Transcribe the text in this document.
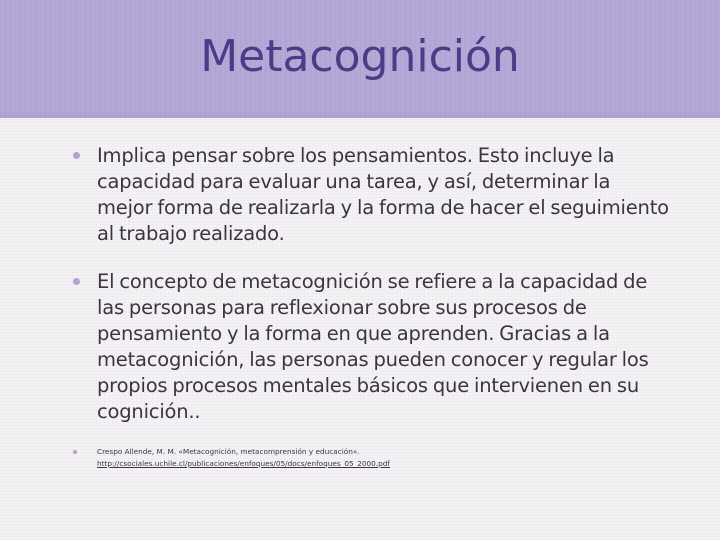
Metacognición
Implica pensar sobre los pensamientos. Esto incluye la capacidad para evaluar una tarea, y así, determinar la mejor forma de realizarla y la forma de hacer el seguimiento al trabajo realizado.
El concepto de metacognición se refiere a la capacidad de las personas para reflexionar sobre sus procesos de pensamiento y la forma en que aprenden. Gracias a la metacognición, las personas pueden conocer y regular los propios procesos mentales básicos que intervienen en su cognición..
Crespo Allende, M. M. «Metacognición, metacomprensión y educación».
http://csociales.uchile.cl/publicaciones/enfoques/05/docs/enfoques_05_2000.pdf
